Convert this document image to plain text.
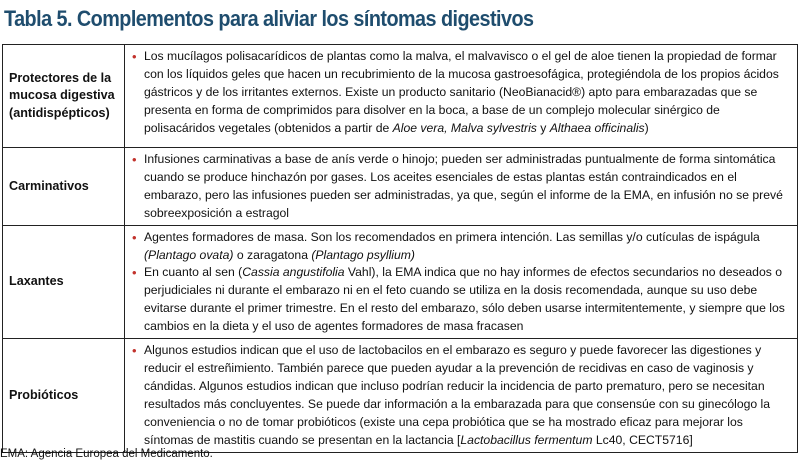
Tabla 5. Complementos para aliviar los síntomas digestivos
Protectores de la mucosa digestiva (antidispépticos)	• Los mucílagos polisacarídicos de plantas como la malva, el malvavisco o el gel de aloe tienen la propiedad de formar con los líquidos geles que hacen un recubrimiento de la mucosa gastroesofágica, protegiéndola de los propios ácidos gástricos y de los irritantes externos. Existe un producto sanitario (NeoBianacid®) apto para embarazadas que se presenta en forma de comprimidos para disolver en la boca, a base de un complejo molecular sinérgico de polisacáridos vegetales (obtenidos a partir de Aloe vera, Malva sylvestris y Althaea officinalis)

Carminativos	• Infusiones carminativas a base de anís verde o hinojo; pueden ser administradas puntualmente de forma sintomática cuando se produce hinchazón por gases. Los aceites esenciales de estas plantas están contraindicados en el embarazo, pero las infusiones pueden ser administradas, ya que, según el informe de la EMA, en infusión no se prevé sobreexposición a estragol

Laxantes	• Agentes formadores de masa. Son los recomendados en primera intención. Las semillas y/o cutículas de ispágula (Plantago ovata) o zaragatona (Plantago psyllium)
• En cuanto al sen (Cassia angustifolia Vahl), la EMA indica que no hay informes de efectos secundarios no deseados o perjudiciales ni durante el embarazo ni en el feto cuando se utiliza en la dosis recomendada, aunque su uso debe evitarse durante el primer trimestre. En el resto del embarazo, sólo deben usarse intermitentemente, y siempre que los cambios en la dieta y el uso de agentes formadores de masa fracasen

Probióticos	• Algunos estudios indican que el uso de lactobacilos en el embarazo es seguro y puede favorecer las digestiones y reducir el estreñimiento. También parece que pueden ayudar a la prevención de recidivas en caso de vaginosis y cándidas. Algunos estudios indican que incluso podrían reducir la incidencia de parto prematuro, pero se necesitan resultados más concluyentes. Se puede dar información a la embarazada para que consensúe con su ginecólogo la conveniencia o no de tomar probióticos (existe una cepa probiótica que se ha mostrado eficaz para mejorar los síntomas de mastitis cuando se presentan en la lactancia [Lactobacillus fermentum Lc40, CECT5716]
EMA: Agencia Europea del Medicamento.
